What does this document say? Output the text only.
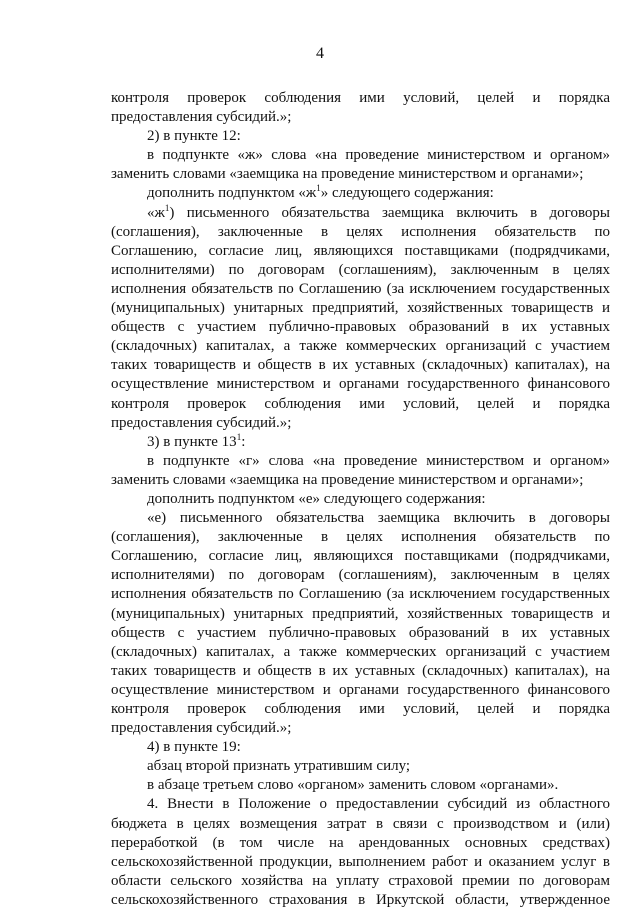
4
контроля проверок соблюдения ими условий, целей и порядка
предоставления субсидий.»;
2) в пункте 12:
в подпункте «ж» слова «на проведение министерством и органом»
заменить словами «заемщика на проведение министерством и органами»;
дополнить подпунктом «$ж^1$» следующего содержания:
«$ж^1$) письменного обязательства заемщика включить в договоры
(соглашения), заключенные в целях исполнения обязательств по
Соглашению, согласие лиц, являющихся поставщиками (подрядчиками,
исполнителями) по договорам (соглашениям), заключенным в целях
исполнения обязательств по Соглашению (за исключением государственных
(муниципальных) унитарных предприятий, хозяйственных товариществ и
обществ с участием публично-правовых образований в их уставных
(складочных) капиталах, а также коммерческих организаций с участием
таких товариществ и обществ в их уставных (складочных) капиталах), на
осуществление министерством и органами государственного финансового
контроля проверок соблюдения ими условий, целей и порядка
предоставления субсидий.»;
3) в пункте $13^1$:
в подпункте «г» слова «на проведение министерством и органом»
заменить словами «заемщика на проведение министерством и органами»;
дополнить подпунктом «е» следующего содержания:
«е) письменного обязательства заемщика включить в договоры
(соглашения), заключенные в целях исполнения обязательств по
Соглашению, согласие лиц, являющихся поставщиками (подрядчиками,
исполнителями) по договорам (соглашениям), заключенным в целях
исполнения обязательств по Соглашению (за исключением государственных
(муниципальных) унитарных предприятий, хозяйственных товариществ и
обществ с участием публично-правовых образований в их уставных
(складочных) капиталах, а также коммерческих организаций с участием
таких товариществ и обществ в их уставных (складочных) капиталах), на
осуществление министерством и органами государственного финансового
контроля проверок соблюдения ими условий, целей и порядка
предоставления субсидий.»;
4) в пункте 19:
абзац второй признать утратившим силу;
в абзаце третьем слово «органом» заменить словом «органами».
4. Внести в Положение о предоставлении субсидий из областного
бюджета в целях возмещения затрат в связи с производством и (или)
переработкой (в том числе на арендованных основных средствах)
сельскохозяйственной продукции, выполнением работ и оказанием услуг в
области сельского хозяйства на уплату страховой премии по договорам
сельскохозяйственного страхования в Иркутской области, утвержденное
